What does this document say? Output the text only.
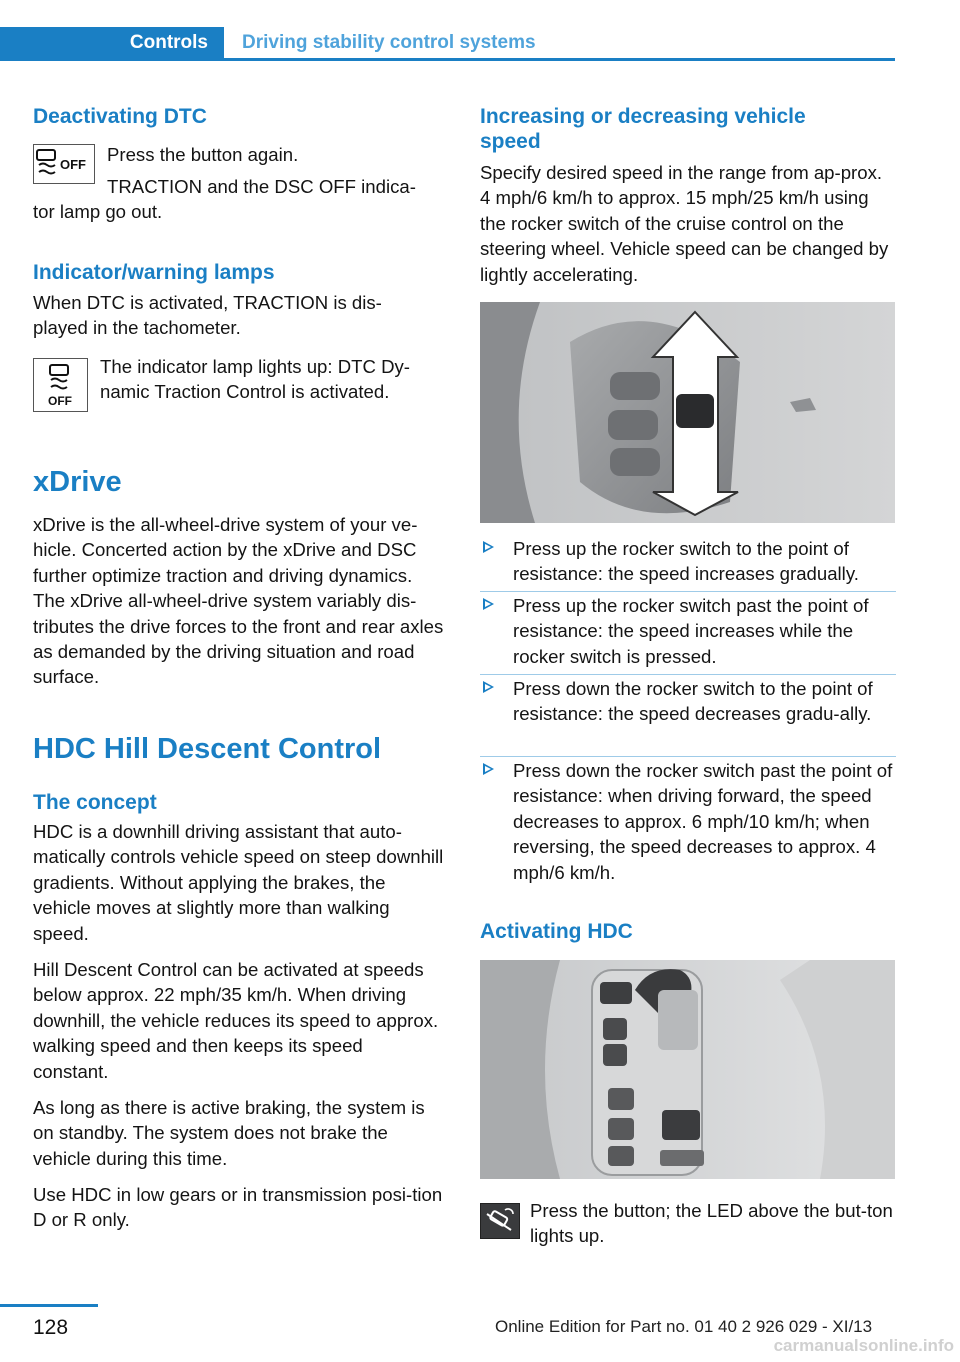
Controls	Driving stability control systems
Deactivating DTC
OFF Press the button again.
TRACTION and the DSC OFF indica-
tor lamp go out.
Indicator/warning lamps
When DTC is activated, TRACTION is dis-played in the tachometer.
OFF
The indicator lamp lights up: DTC Dy-namic Traction Control is activated.
xDrive
xDrive is the all-wheel-drive system of your ve-hicle. Concerted action by the xDrive and DSC further optimize traction and driving dynamics. The xDrive all-wheel-drive system variably dis-tributes the drive forces to the front and rear axles as demanded by the driving situation and road surface.
HDC Hill Descent Control
The concept
HDC is a downhill driving assistant that auto-matically controls vehicle speed on steep downhill gradients. Without applying the brakes, the vehicle moves at slightly more than walking speed.
Hill Descent Control can be activated at speeds below approx. 22 mph/35 km/h. When driving downhill, the vehicle reduces its speed to approx. walking speed and then keeps its speed constant.
As long as there is active braking, the system is on standby. The system does not brake the vehicle during this time.
Use HDC in low gears or in transmission posi-tion D or R only.
Increasing or decreasing vehicle speed
Specify desired speed in the range from ap-prox. 4 mph/6 km/h to approx. 15 mph/25 km/h using the rocker switch of the cruise control on the steering wheel. Vehicle speed can be changed by lightly accelerating.
Press up the rocker switch to the point of resistance: the speed increases gradually.
Press up the rocker switch past the point of resistance: the speed increases while the rocker switch is pressed.
Press down the rocker switch to the point of resistance: the speed decreases gradu-ally.
Press down the rocker switch past the point of resistance: when driving forward, the speed decreases to approx. 6 mph/10 km/h; when reversing, the speed decreases to approx. 4 mph/6 km/h.
Activating HDC
Press the button; the LED above the but-ton lights up.
128	Online Edition for Part no. 01 40 2 926 029 - XI/13
carmanualsonline.info
